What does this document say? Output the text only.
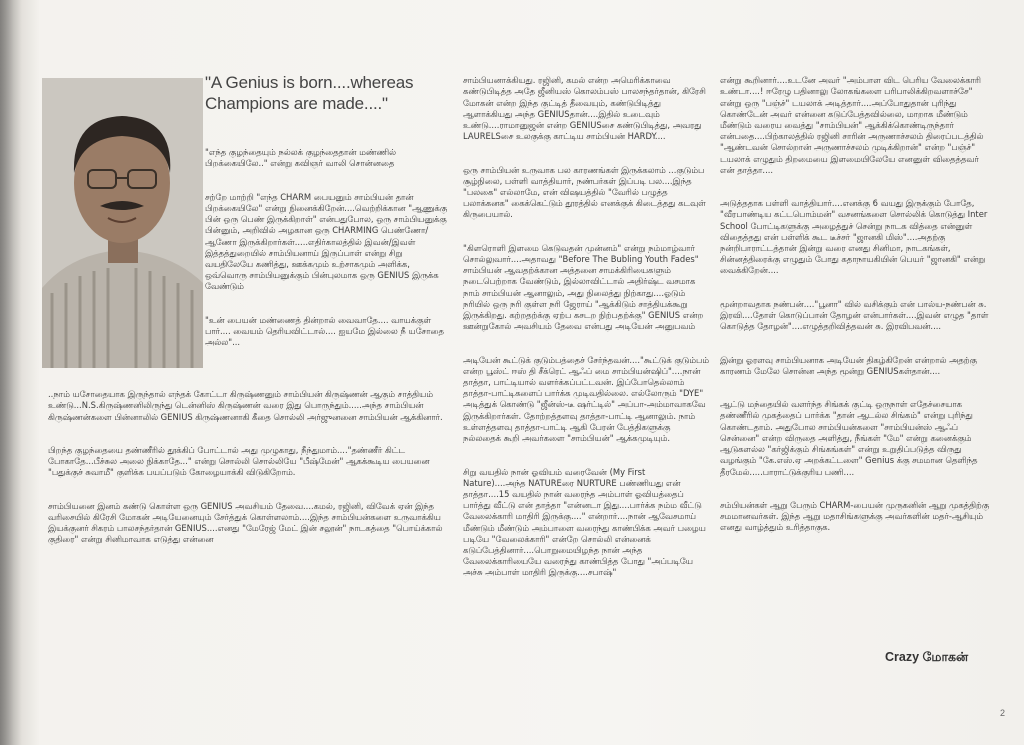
"A Genius is born....whereas Champions are made...."

"எந்த குழந்தையும் நல்லக் குழந்தைதான் மண்ணில் பிறக்கையிலே.." என்று கவிஞர் வாலி சொன்னதை

சற்றே மாற்றி "எந்த CHARM பையனும் சாம்பியன் தான் பிறக்கையிலே" என்று நினைக்கிறேன்....வெற்றிக்கான "ஆணுக்கு பின் ஒரு பெண் இருக்கிறாள்" என்பதுபோல, ஒரு சாம்பியனுக்கு பின்னும், அறிவில் அழகான ஒரு CHARMING பெண்ணோ/ஆணோ இருக்கிறார்கள்.....எதிர்காலத்தில் இவன்/இவள் இத்தத்துறையில் சாம்பியனாய் இருப்பாள் என்று சிறு வயதிலேயே கணித்து, ஊக்கமும் உற்சாகமும் அளிக்க, ஒவ்வொரு சாம்பியனுக்கும் பின்புலமாக ஒரு GENIUS இருக்க வேண்டும்

"உன் பையன் மண்ணைத் தின்றால் வைவாதே.... வாயக்குள் பார்.... வையம் தெரியவிட்டால்.... ஐயமே இல்லை நீ யசோதை அல்ல"...

..நாம் யசோதையாக இருந்தால் எந்தக் கோட்டா கிருஷ்ணனும் சாம்பியன் கிருஷ்ணன் ஆகும் சாத்தியம் உண்டு...N.S.கிருஷ்ணனிலிருந்து டென்னிஸ் கிருஷ்ணன் வரை இது பொருந்தும்.....அந்த சாம்பியன் கிருஷ்ணன்களை பின்னாலில் GENIUS கிருஷ்ணனாகி கீதை சொல்லி அர்ஜுனனை சாம்பியன் ஆக்கினார்.

பிறந்த குழந்தையை தண்ணீரில் தூக்கிப் போட்டால் அது முழுகாது, நீந்துமாம்...."தண்ணீர் கிட்ட போகாதே...பீச்சுல அலை நிக்காதே..." என்று சொல்லி சொல்லியே "பீஷ்மேன்" ஆகக்கூடிய பையனை "பதுக்குச் சுவாமீ" குளிக்க பயப்படும் கோழையாக்கி விடுகிறோம்.

சாம்பியனை இனம் கண்டு கொள்ள ஒரு GENIUS அவசியம் தேவை....கமல், ரஜினி, விவேக் ஏன் இந்த வரிசையில் கிரேசி மோகன் அடியேனையும் சேர்த்துக் கொள்ளலாம்....இந்த சாம்பியன்களை உருவாக்கிய இயக்குனர் சிகரம் பாலசந்தர்தான் GENIUS....எனது "மேரேஜ் மேட் இன் சலூன்" நாடகத்தை "பொய்க்கால் குதிரை" என்று சினிமாவாக எடுத்து என்னை

சாம்பியனாக்கியது. ரஜினி, கமல் என்ற அமெரிக்காவை கண்டுபிடித்த அதே ஜீனியஸ் கொலம்பஸ் பாலசந்தர்தான், கிரேசி மோகன் என்ற இந்த குட்டித் தீவையும், கண்டுபிடித்து ஆளாக்கியது அந்த GENIUSதான்....இதில் உடைவும் உண்டு....ராமானுஜன் என்ற GENIUSசை கண்டுபிடித்து, அவரது LAURELSசை உலகுக்கு காட்டிய சாம்பியன் HARDY....

ஒரு சாம்பியன் உருவாக பல காரணங்கள் இருக்கலாம் ...குடும்ப சூழ்நிலை, பள்ளி வாத்தியார், நண்பர்கள் இப்படி பல....இந்த "பலகை" எல்லாமே, என் விஷயத்தில் "வேரில் பழுத்த பலாக்கனக" கைக்கெட்டும் தூரத்தில் எனக்குக் கிடைத்தது கடவுள் கிருபையால்.

"கிளரொளி இளமை கெடுவதன் முன்னம்" என்று நம்மாழ்வார் சொல்லுவார்....அதாவது "Before The Bubling Youth Fades" சாம்பியன் ஆவதற்க்கான அத்தனை சாமக்கிரியைகளும் நடைபெற்றாக வேண்டும், இல்லாவிட்டால் அதிர்ஷ்ட வசமாக நாம் சாம்பியன் ஆனாலும், அது நிலைத்து நிற்காது....ஓடும் நரியில் ஒரு நரி குள்ள நரி ஜேராய் "ஆக்கிடும் சாத்தியக்கூறு இருக்கிறது. கற்றதற்க்கு ஏற்ப கசடற நிற்பதற்க்கு" GENIUS என்ற ஊன்றுகோல் அவசியம் தேவை என்பது அடியேன் அனுபவம்

அடியேன் கூட்டுக் குடும்பத்தைச் சேர்ந்தவன்...."கூட்டுக் குடும்பம் என்ற பூஸ்ட் ஈஸ் தி சீக்ரெட் ஆஃப் மை சாம்பியன்ஷிப்"....நான் தாத்தா, பாட்டியால் வளர்க்கப்பட்டவன். இப்போதெல்லாம் தாத்தா-பாட்டிகளைப் பார்க்க முடிவதில்லை. எல்லோரும் "DYE" அடித்துக் கொண்டு "ஜீன்ஸ்-டீ ஷர்ட்டில்" அப்பா-அம்மாவாகவே இருக்கிறார்கள். தோற்றத்தளவு தாத்தா-பாட்டி ஆனாலும். நாம் உள்ளத்தளவு தாத்தா-பாட்டி ஆகி பேரன் பேத்திகளுக்கு நல்லதைக் கூறி அவர்களை "சாம்பியன்" ஆக்கமுடியும்.

சிறு வயதில் நான் ஓவியம் வரைவேன் (My First Nature)....அந்த NATUREரை NURTURE பண்ணியது என் தாத்தா....15 வயதில் நான் வரைந்த அம்பாள் ஓவியத்தைப் பார்த்து வீட்டு என் தாத்தா "என்னடா இது....பார்க்க நம்ம வீட்டு வேலைக்காரி மாதிரி இருக்கு...." என்றார்....நான் ஆவேசமாய் மீண்டும் மீண்டும் அம்பாளை வரைந்து காண்பிக்க அவர் பழைய படியே "வேலைக்காரி" என்றே சொல்லி என்னைக் கடுப்பேத்தினார்....பொறுமையிழந்த நான் அந்த வேலைக்காரியையே வரைந்து காண்பித்த போது "அப்படியே அச்சு அம்பாள் மாதிரி இருக்கு....சபாஷ்"

என்று கூறினார்....உடனே அவர் "அம்பாள விட பெரிய வேலைக்காரி உண்டா....! ஈரேழு பதினாலு லோகங்களை பரிபாலிக்கிறவளாச்சே" என்று ஒரு "பஞ்ச்" டயலாக் அடித்தார்....அப்போதுதான் புரிந்து கொண்டேன் அவர் என்னை கடுப்பேத்தவில்லை, மாறாக மீண்டும் மீண்டும் வரைய வைத்து "சாம்பியன்" ஆக்கிக்கொண்டிருந்தார் என்பதை....பிற்காலத்தில் ரஜினி சாரின் அருணாச்சலம் திரைப்படத்தில் "ஆண்டவன் சொல்றான் அருணாச்சலம் முடிக்கிறான்" என்ற "பஞ்ச்" டயலாக் எழுதும் திறமையை இளமையிலேயே எனனுள் விதைத்தவர் என் தாத்தா....

அடுத்ததாக பள்ளி வாத்தியார்....எனக்கு 6 வயது இருக்கும் போதே, "வீரபாண்டிய கட்டபொம்மன்" வசனங்களை சொல்லிக் கொடுத்து Inter School போட்டிகளுக்கு அழைத்துச் சென்று நாடக வித்தை என்னுள் விதைத்தது என் பள்ளிக் கூட டீச்சர் "ஜானகி மிஸ்"....அதற்கு நன்றிபாராட்டத்தான் இன்று வரை எனது சினிமா, நாடகங்கள், சின்னத்திரைக்கு எழுதும் போது கதாநாயகியின் பெயர் "ஜானகி" என்று வைக்கிறேன்....

மூன்றாவதாக நண்பன்...."பூனா" வில் வசிக்கும் என் பால்ய-நண்பன் சு. இரவி....தோள் கொடுப்பான் தோழன் என்பார்கள்....இவன் எழுத "தாள் கொடுத்த தோழன்"....எழுத்தறிவித்தவன் சு. இரவிபவன்....

இன்று ஓரளவு சாம்பியனாக அடியேன் திகழ்கிறேன் என்றால் அதற்கு காரணம் மேலே சொன்ன அந்த மூன்று GENIUSகள்தான்....

ஆட்டு மந்தையில் வளர்ந்த சிங்கக் குட்டி ஒருநாள் எதேச்சையாக தண்ணீரில் முகத்தைப் பார்க்க "தான் ஆடல்ல சிங்கம்" என்று புரிந்து கொண்டதாம். அதுபோல சாம்பியன்களை "சாம்பியன்ஸ் ஆஃப் சென்னை" என்ற விருதை அளித்து, நீங்கள் "மே" என்று கனைக்கும் ஆடுகளல்ல "கர்ஜிக்கும் சிங்கங்கள்" என்று உறுதிப்படுத்த விருது வழங்கும் "கே.எஸ்.ஏ அறக்கட்டளை" Genius க்கு சமமான தெளிந்த தீரமேல்.....பாராட்டுக்குரிய பணி....

சம்பியன்கள் ஆறு பேரும் CHARM-பையன் முருகனின் ஆறு முகத்திற்கு சமமானவர்கள். இந்த ஆறு மதாசிங்களுக்கு அவர்களின் மதர்-ஆசியும் எனது வாழ்த்தும் உரித்தாகுக.

Crazy மோகன்
2
